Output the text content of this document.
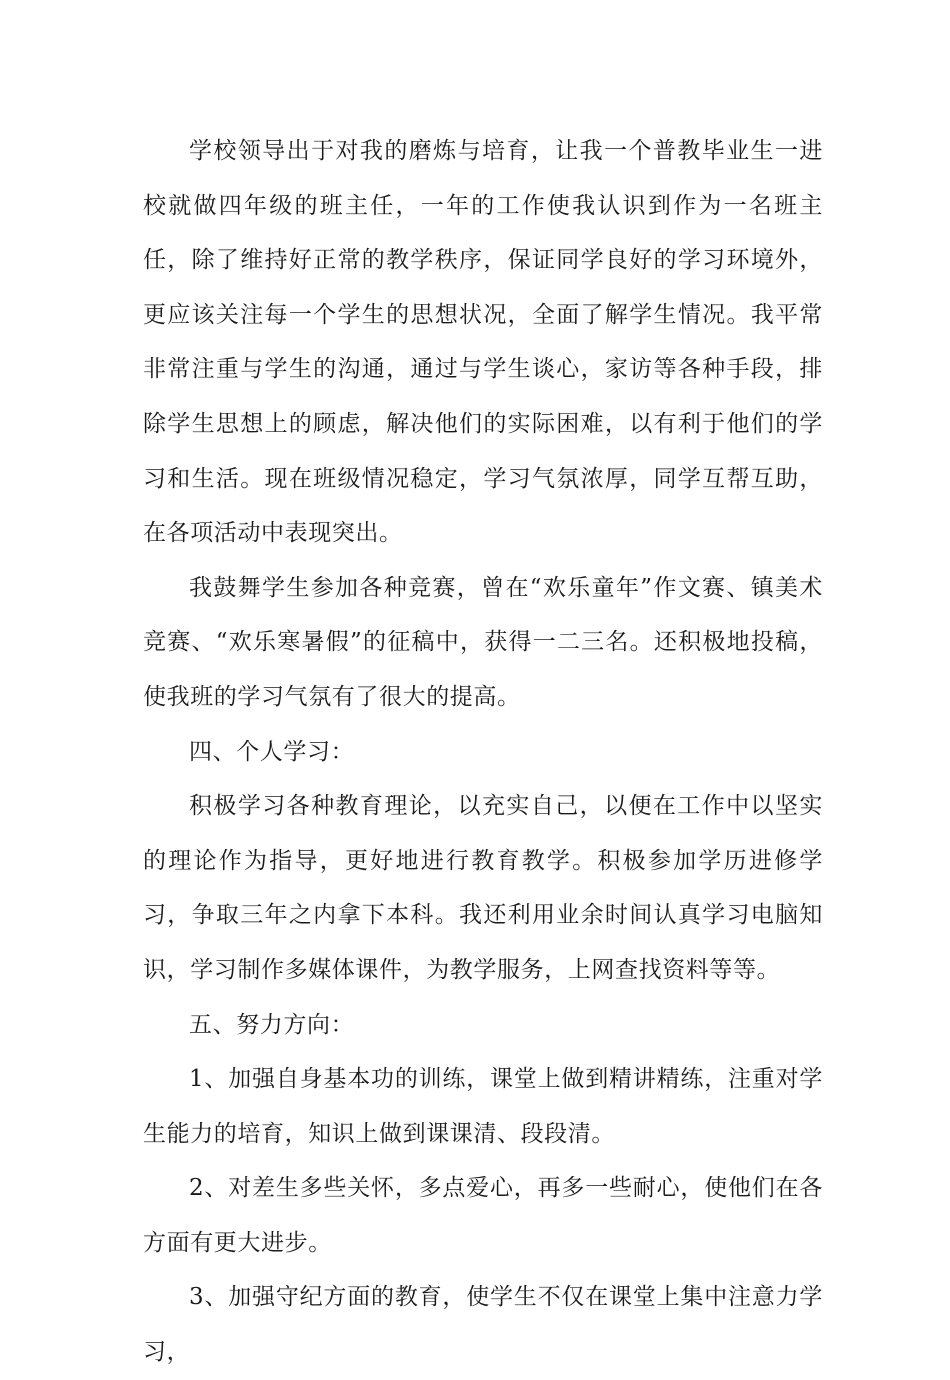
学校领导出于对我的磨炼与培育，让我一个普教毕业生一进校就做四年级的班主任，一年的工作使我认识到作为一名班主任，除了维持好正常的教学秩序，保证同学良好的学习环境外，更应该关注每一个学生的思想状况，全面了解学生情况。我平常非常注重与学生的沟通，通过与学生谈心，家访等各种手段，排除学生思想上的顾虑，解决他们的实际困难，以有利于他们的学习和生活。现在班级情况稳定，学习气氛浓厚，同学互帮互助，在各项活动中表现突出。

我鼓舞学生参加各种竞赛，曾在“欢乐童年”作文赛、镇美术竞赛、“欢乐寒暑假”的征稿中，获得一二三名。还积极地投稿，使我班的学习气氛有了很大的提高。

四、个人学习：

积极学习各种教育理论，以充实自己，以便在工作中以坚实的理论作为指导，更好地进行教育教学。积极参加学历进修学习，争取三年之内拿下本科。我还利用业余时间认真学习电脑知识，学习制作多媒体课件，为教学服务，上网查找资料等等。

五、努力方向：

1、加强自身基本功的训练，课堂上做到精讲精练，注重对学生能力的培育，知识上做到课课清、段段清。

2、对差生多些关怀，多点爱心，再多一些耐心，使他们在各方面有更大进步。

3、加强守纪方面的教育，使学生不仅在课堂上集中注意力学习，
